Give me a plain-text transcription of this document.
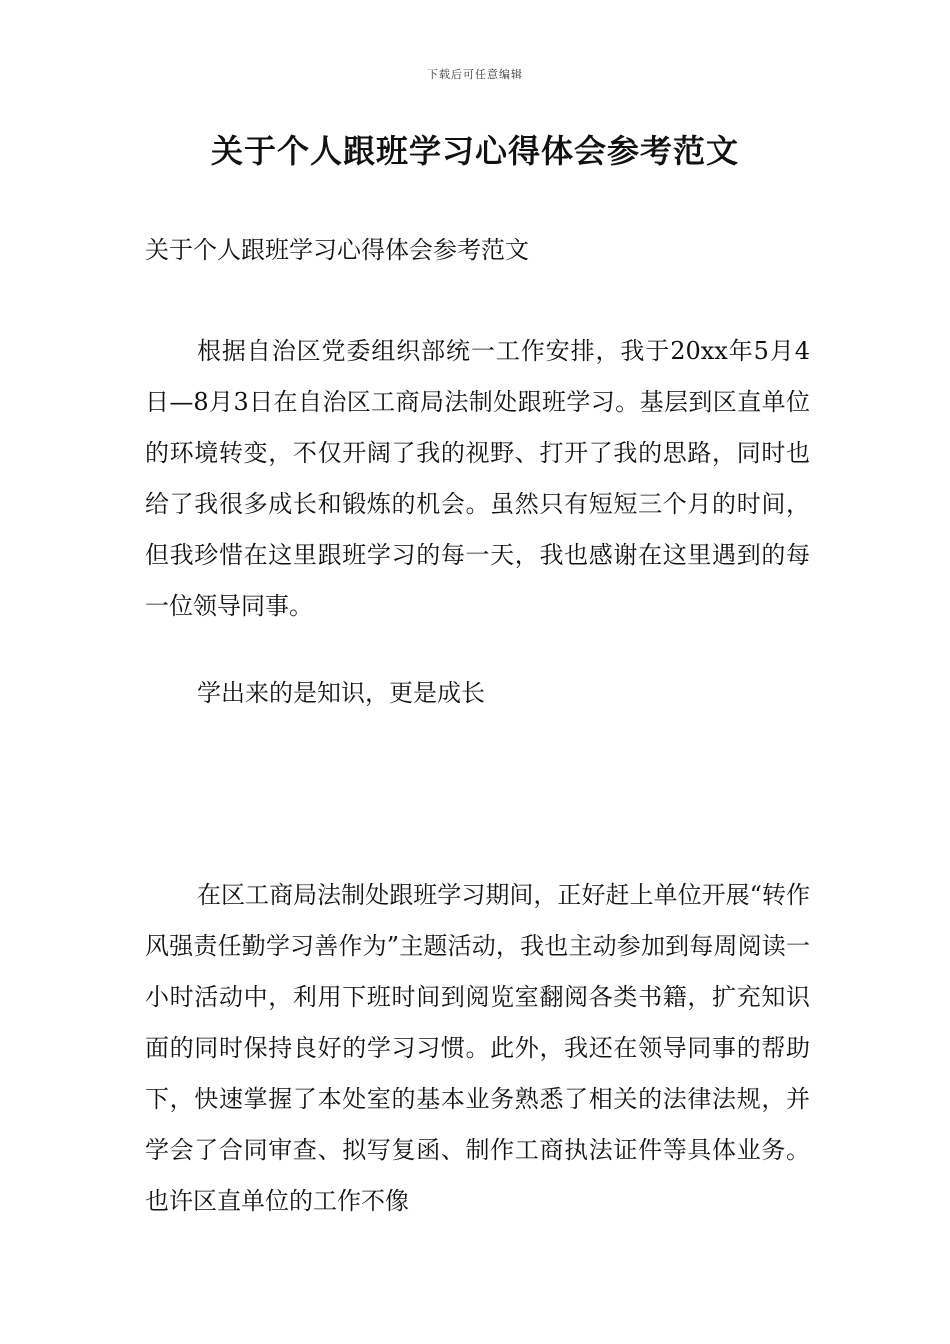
下载后可任意编辑
关于个人跟班学习心得体会参考范文
关于个人跟班学习心得体会参考范文
根据自治区党委组织部统一工作安排，我于20xx年5月4日—8月3日在自治区工商局法制处跟班学习。基层到区直单位的环境转变，不仅开阔了我的视野、打开了我的思路，同时也给了我很多成长和锻炼的机会。虽然只有短短三个月的时间，但我珍惜在这里跟班学习的每一天，我也感谢在这里遇到的每一位领导同事。
学出来的是知识，更是成长
在区工商局法制处跟班学习期间，正好赶上单位开展“转作风强责任勤学习善作为”主题活动，我也主动参加到每周阅读一小时活动中，利用下班时间到阅览室翻阅各类书籍，扩充知识面的同时保持良好的学习习惯。此外，我还在领导同事的帮助下，快速掌握了本处室的基本业务熟悉了相关的法律法规，并学会了合同审查、拟写复函、制作工商执法证件等具体业务。也许区直单位的工作不像
